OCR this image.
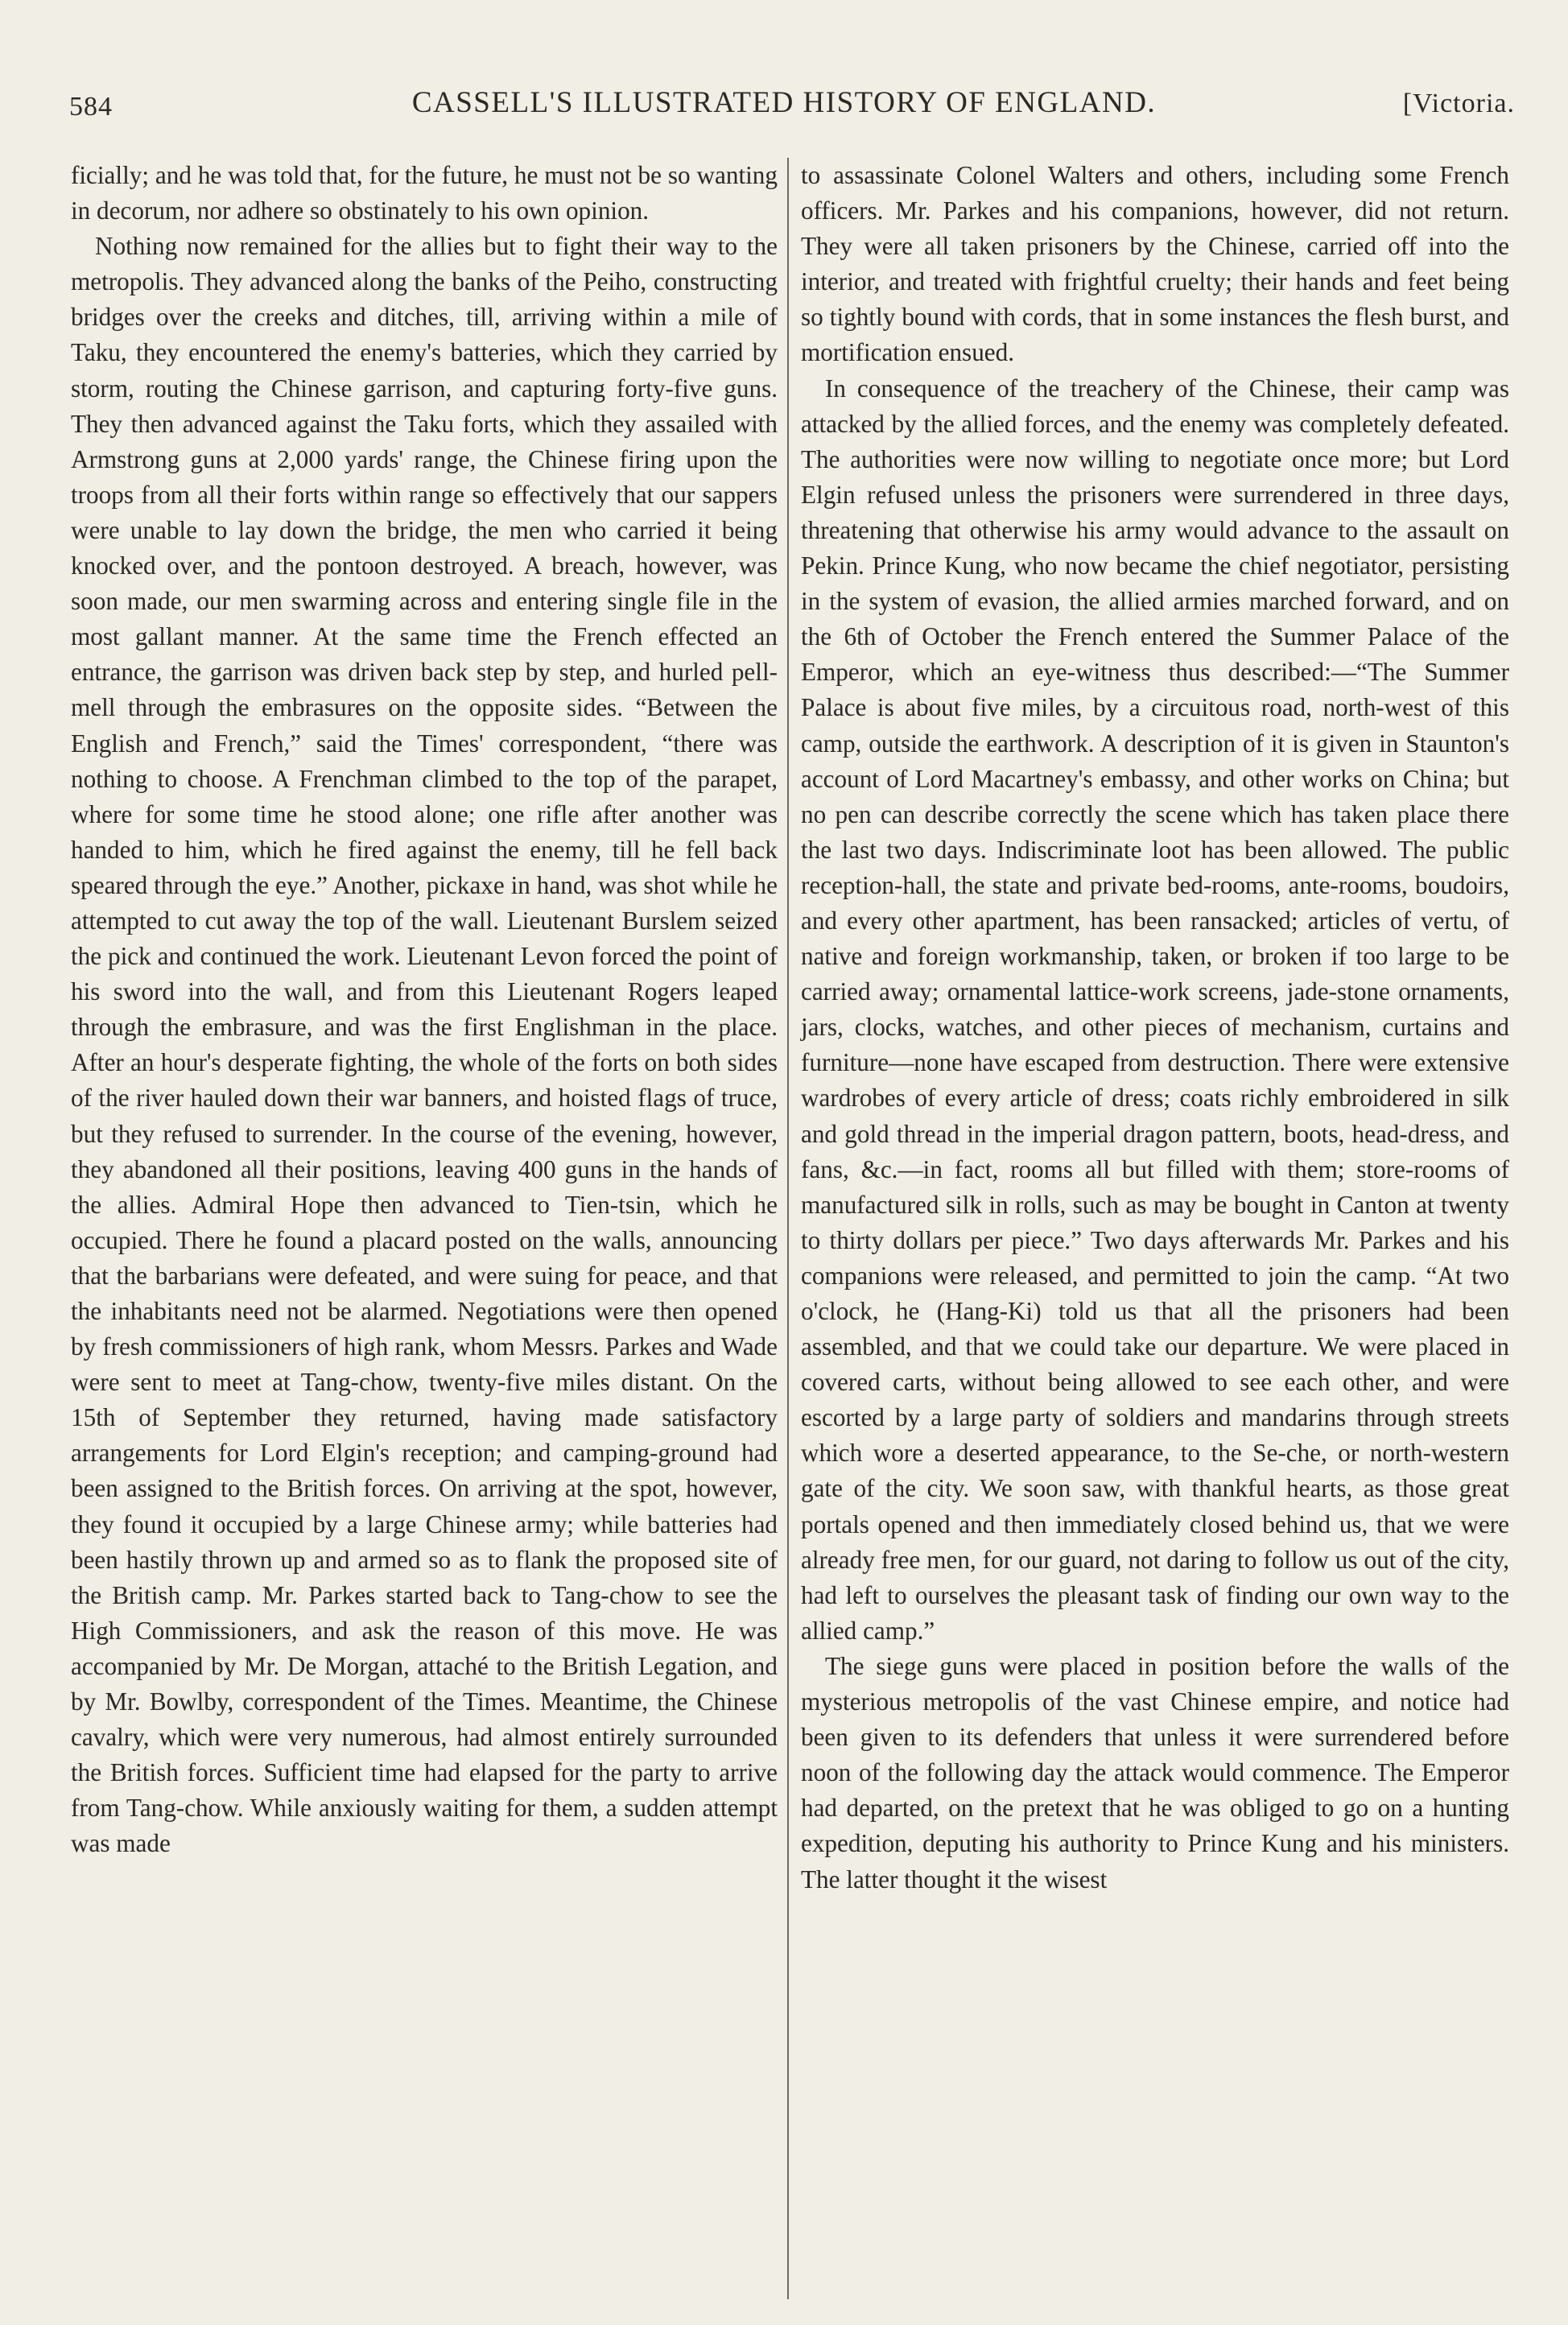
584	CASSELL'S ILLUSTRATED HISTORY OF ENGLAND.	[Victoria.

ficially; and he was told that, for the future, he must not be so wanting in decorum, nor adhere so obstinately to his own opinion.

Nothing now remained for the allies but to fight their way to the metropolis. They advanced along the banks of the Peiho, constructing bridges over the creeks and ditches, till, arriving within a mile of Taku, they encountered the enemy's batteries, which they carried by storm, routing the Chinese garrison, and capturing forty-five guns. They then advanced against the Taku forts, which they assailed with Armstrong guns at 2,000 yards' range, the Chinese firing upon the troops from all their forts within range so effectively that our sappers were unable to lay down the bridge, the men who carried it being knocked over, and the pontoon destroyed. A breach, however, was soon made, our men swarming across and entering single file in the most gallant manner. At the same time the French effected an entrance, the garrison was driven back step by step, and hurled pell-mell through the embrasures on the opposite sides. “Between the English and French,” said the Times' correspondent, “there was nothing to choose. A Frenchman climbed to the top of the parapet, where for some time he stood alone; one rifle after another was handed to him, which he fired against the enemy, till he fell back speared through the eye.” Another, pickaxe in hand, was shot while he attempted to cut away the top of the wall. Lieutenant Burslem seized the pick and continued the work. Lieutenant Levon forced the point of his sword into the wall, and from this Lieutenant Rogers leaped through the embrasure, and was the first Englishman in the place. After an hour's desperate fighting, the whole of the forts on both sides of the river hauled down their war banners, and hoisted flags of truce, but they refused to surrender. In the course of the evening, however, they abandoned all their positions, leaving 400 guns in the hands of the allies. Admiral Hope then advanced to Tien-tsin, which he occupied. There he found a placard posted on the walls, announcing that the barbarians were defeated, and were suing for peace, and that the inhabitants need not be alarmed. Negotiations were then opened by fresh commissioners of high rank, whom Messrs. Parkes and Wade were sent to meet at Tang-chow, twenty-five miles distant. On the 15th of September they returned, having made satisfactory arrangements for Lord Elgin's reception; and camping-ground had been assigned to the British forces. On arriving at the spot, however, they found it occupied by a large Chinese army; while batteries had been hastily thrown up and armed so as to flank the proposed site of the British camp. Mr. Parkes started back to Tang-chow to see the High Commissioners, and ask the reason of this move. He was accompanied by Mr. De Morgan, attaché to the British Legation, and by Mr. Bowlby, correspondent of the Times. Meantime, the Chinese cavalry, which were very numerous, had almost entirely surrounded the British forces. Sufficient time had elapsed for the party to arrive from Tang-chow. While anxiously waiting for them, a sudden attempt was made

to assassinate Colonel Walters and others, including some French officers. Mr. Parkes and his companions, however, did not return. They were all taken prisoners by the Chinese, carried off into the interior, and treated with frightful cruelty; their hands and feet being so tightly bound with cords, that in some instances the flesh burst, and mortification ensued.

In consequence of the treachery of the Chinese, their camp was attacked by the allied forces, and the enemy was completely defeated. The authorities were now willing to negotiate once more; but Lord Elgin refused unless the prisoners were surrendered in three days, threatening that otherwise his army would advance to the assault on Pekin. Prince Kung, who now became the chief negotiator, persisting in the system of evasion, the allied armies marched forward, and on the 6th of October the French entered the Summer Palace of the Emperor, which an eye-witness thus described:—“The Summer Palace is about five miles, by a circuitous road, north-west of this camp, outside the earthwork. A description of it is given in Staunton's account of Lord Macartney's embassy, and other works on China; but no pen can describe correctly the scene which has taken place there the last two days. Indiscriminate loot has been allowed. The public reception-hall, the state and private bed-rooms, ante-rooms, boudoirs, and every other apartment, has been ransacked; articles of vertu, of native and foreign workmanship, taken, or broken if too large to be carried away; ornamental lattice-work screens, jade-stone ornaments, jars, clocks, watches, and other pieces of mechanism, curtains and furniture—none have escaped from destruction. There were extensive wardrobes of every article of dress; coats richly embroidered in silk and gold thread in the imperial dragon pattern, boots, head-dress, and fans, &c.—in fact, rooms all but filled with them; store-rooms of manufactured silk in rolls, such as may be bought in Canton at twenty to thirty dollars per piece.” Two days afterwards Mr. Parkes and his companions were released, and permitted to join the camp. “At two o'clock, he (Hang-Ki) told us that all the prisoners had been assembled, and that we could take our departure. We were placed in covered carts, without being allowed to see each other, and were escorted by a large party of soldiers and mandarins through streets which wore a deserted appearance, to the Se-che, or north-western gate of the city. We soon saw, with thankful hearts, as those great portals opened and then immediately closed behind us, that we were already free men, for our guard, not daring to follow us out of the city, had left to ourselves the pleasant task of finding our own way to the allied camp.”

The siege guns were placed in position before the walls of the mysterious metropolis of the vast Chinese empire, and notice had been given to its defenders that unless it were surrendered before noon of the following day the attack would commence. The Emperor had departed, on the pretext that he was obliged to go on a hunting expedition, deputing his authority to Prince Kung and his ministers. The latter thought it the wisest
